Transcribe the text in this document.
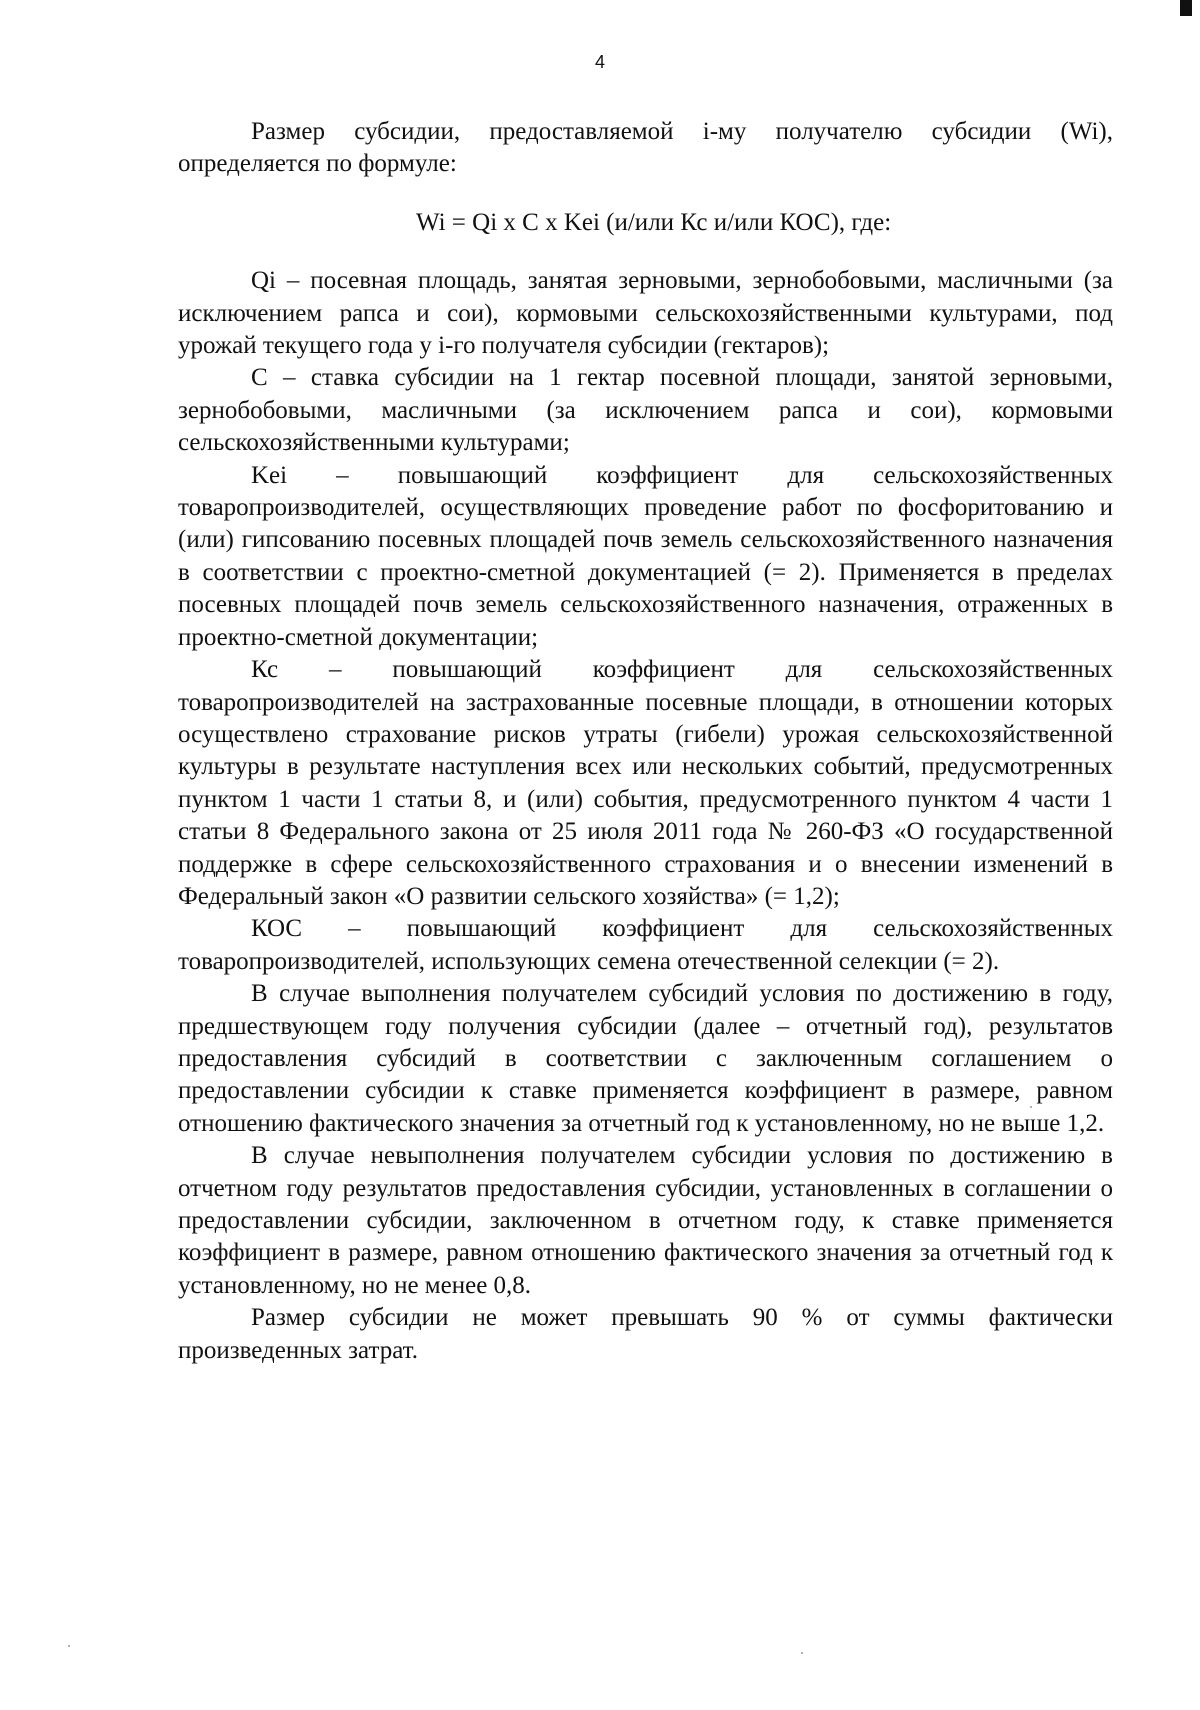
4

Размер субсидии, предоставляемой i-му получателю субсидии (Wi), определяется по формуле:

Wi = Qi x C x Kei (и/или Кс и/или КОС), где:

Qi – посевная площадь, занятая зерновыми, зернобобовыми, масличными (за исключением рапса и сои), кормовыми сельскохозяйственными культурами, под урожай текущего года у i-го получателя субсидии (гектаров);

С – ставка субсидии на 1 гектар посевной площади, занятой зерновыми, зернобобовыми, масличными (за исключением рапса и сои), кормовыми сельскохозяйственными культурами;

Kei – повышающий коэффициент для сельскохозяйственных товаропроизводителей, осуществляющих проведение работ по фосфоритованию и (или) гипсованию посевных площадей почв земель сельскохозяйственного назначения в соответствии с проектно-сметной документацией (= 2). Применяется в пределах посевных площадей почв земель сельскохозяйственного назначения, отраженных в проектно-сметной документации;

Кс – повышающий коэффициент для сельскохозяйственных товаропроизводителей на застрахованные посевные площади, в отношении которых осуществлено страхование рисков утраты (гибели) урожая сельскохозяйственной культуры в результате наступления всех или нескольких событий, предусмотренных пунктом 1 части 1 статьи 8, и (или) события, предусмотренного пунктом 4 части 1 статьи 8 Федерального закона от 25 июля 2011 года № 260-ФЗ «О государственной поддержке в сфере сельскохозяйственного страхования и о внесении изменений в Федеральный закон «О развитии сельского хозяйства» (= 1,2);

КОС – повышающий коэффициент для сельскохозяйственных товаропроизводителей, использующих семена отечественной селекции (= 2).

В случае выполнения получателем субсидий условия по достижению в году, предшествующем году получения субсидии (далее – отчетный год), результатов предоставления субсидий в соответствии с заключенным соглашением о предоставлении субсидии к ставке применяется коэффициент в размере, равном отношению фактического значения за отчетный год к установленному, но не выше 1,2.

В случае невыполнения получателем субсидии условия по достижению в отчетном году результатов предоставления субсидии, установленных в соглашении о предоставлении субсидии, заключенном в отчетном году, к ставке применяется коэффициент в размере, равном отношению фактического значения за отчетный год к установленному, но не менее 0,8.

Размер субсидии не может превышать 90 % от суммы фактически произведенных затрат.
